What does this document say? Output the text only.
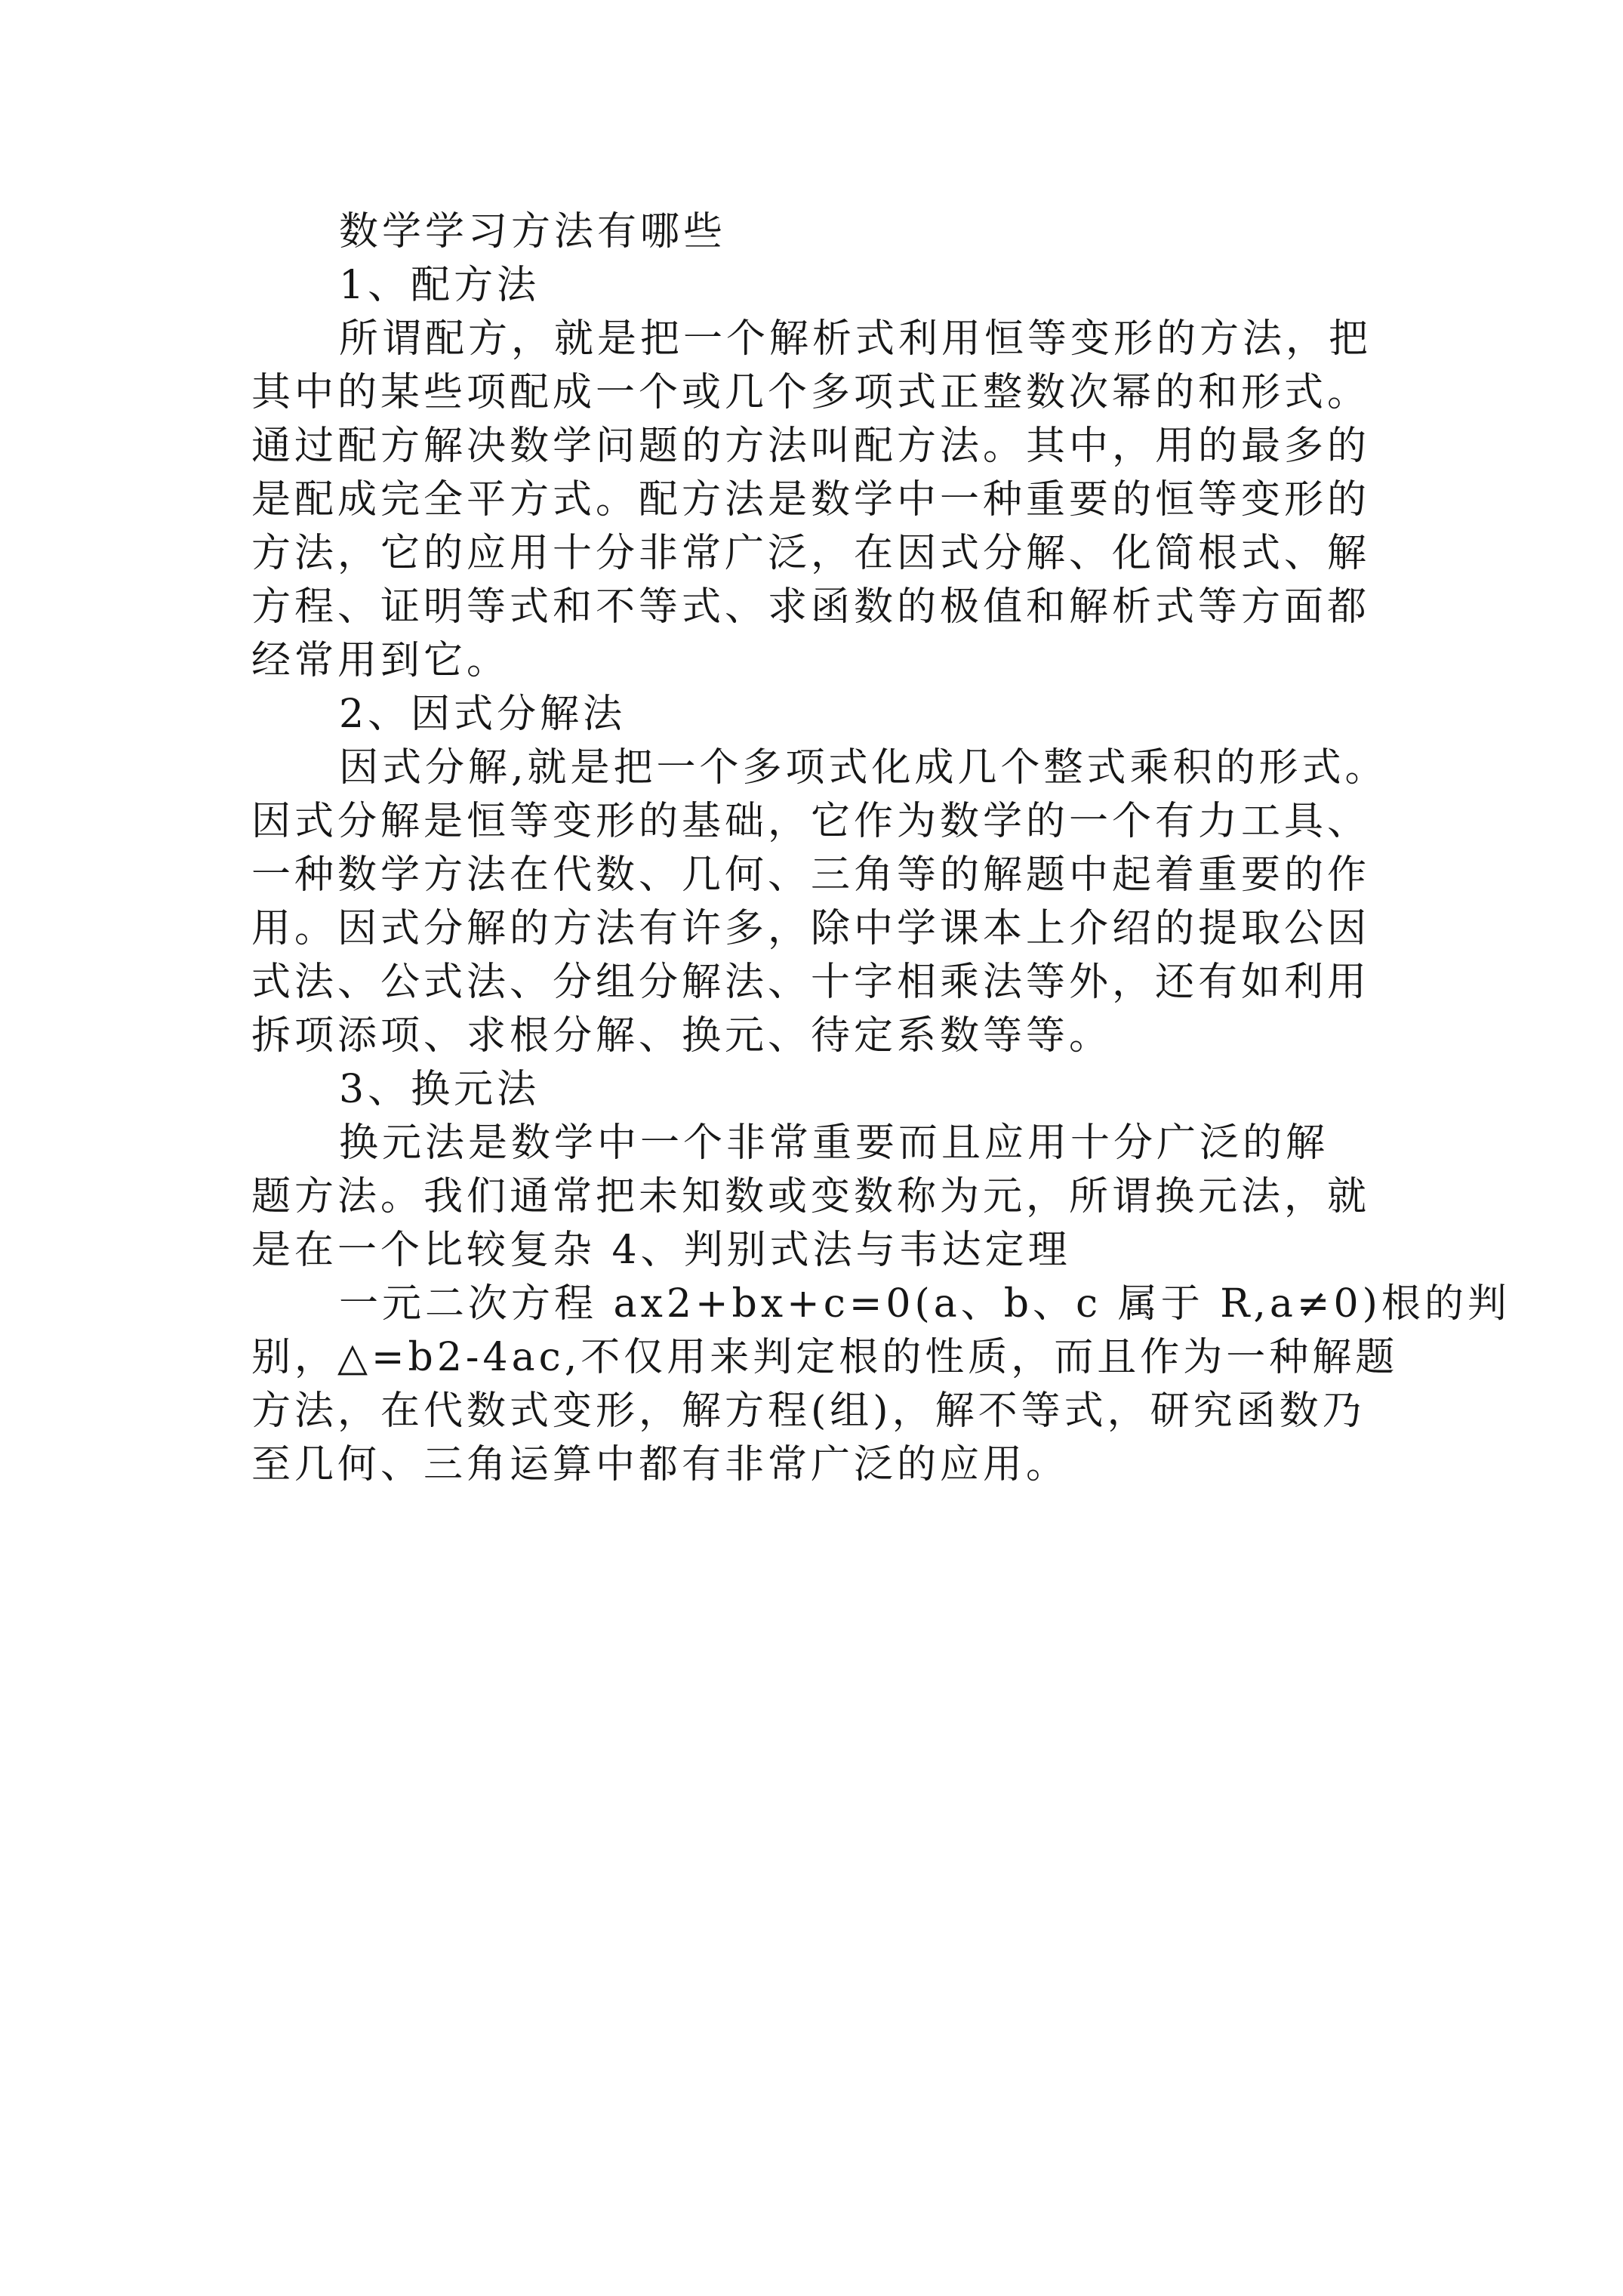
数学学习方法有哪些
1、配方法
所谓配方，就是把一个解析式利用恒等变形的方法，把
其中的某些项配成一个或几个多项式正整数次幂的和形式。
通过配方解决数学问题的方法叫配方法。其中，用的最多的
是配成完全平方式。配方法是数学中一种重要的恒等变形的
方法，它的应用十分非常广泛，在因式分解、化简根式、解
方程、证明等式和不等式、求函数的极值和解析式等方面都
经常用到它。
2、因式分解法
因式分解,就是把一个多项式化成几个整式乘积的形式。
因式分解是恒等变形的基础，它作为数学的一个有力工具、
一种数学方法在代数、几何、三角等的解题中起着重要的作
用。因式分解的方法有许多，除中学课本上介绍的提取公因
式法、公式法、分组分解法、十字相乘法等外，还有如利用
拆项添项、求根分解、换元、待定系数等等。
3、换元法
换元法是数学中一个非常重要而且应用十分广泛的解
题方法。我们通常把未知数或变数称为元，所谓换元法，就
是在一个比较复杂 4、判别式法与韦达定理
一元二次方程 ax2+bx+c=0(a、b、c 属于 R,a≠0)根的判
别，△=b2-4ac,不仅用来判定根的性质，而且作为一种解题
方法，在代数式变形，解方程(组)，解不等式，研究函数乃
至几何、三角运算中都有非常广泛的应用。
